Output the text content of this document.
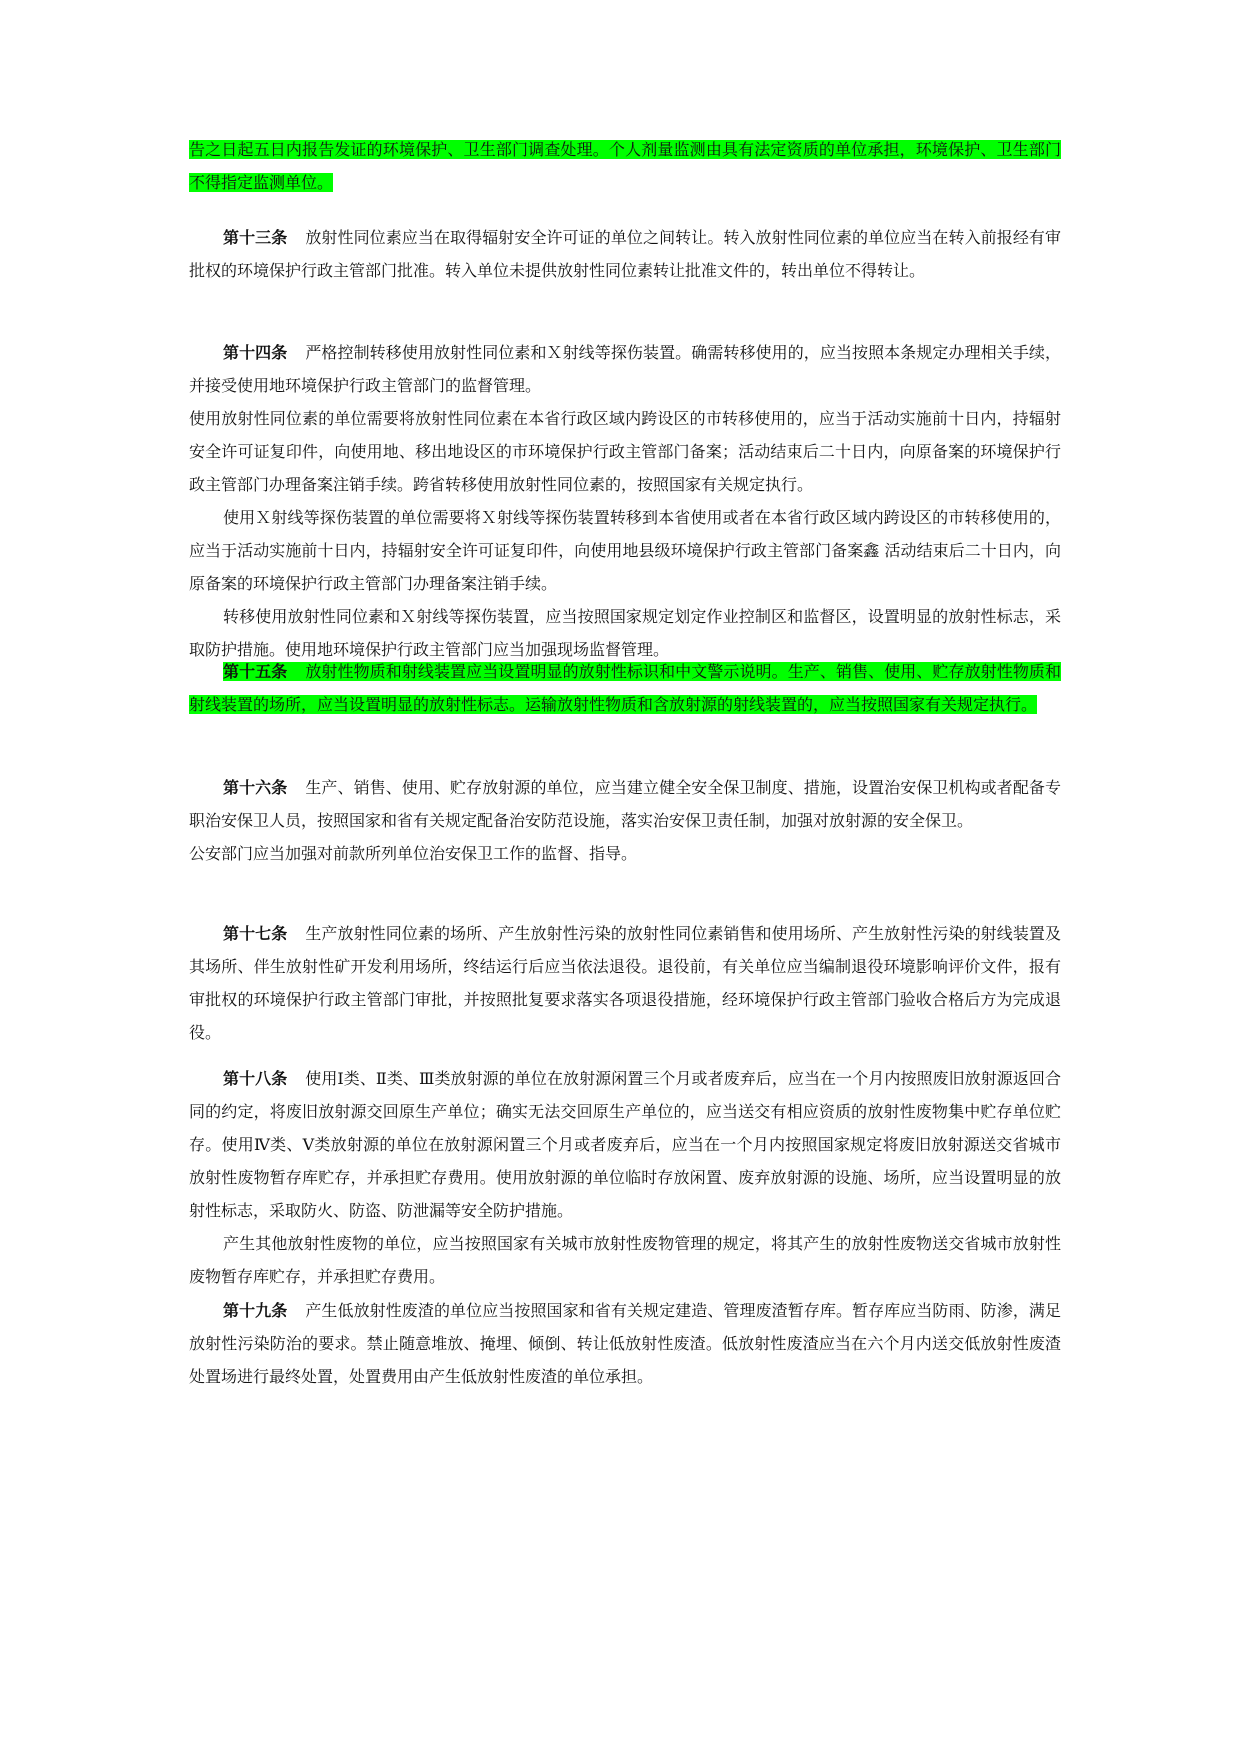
告之日起五日内报告发证的环境保护、卫生部门调查处理。个人剂量监测由具有法定资质的单位承担，环境保护、卫生部门不得指定监测单位。

第十三条 放射性同位素应当在取得辐射安全许可证的单位之间转让。转入放射性同位素的单位应当在转入前报经有审批权的环境保护行政主管部门批准。转入单位未提供放射性同位素转让批准文件的，转出单位不得转让。

第十四条 严格控制转移使用放射性同位素和Ｘ射线等探伤装置。确需转移使用的，应当按照本条规定办理相关手续，并接受使用地环境保护行政主管部门的监督管理。

使用放射性同位素的单位需要将放射性同位素在本省行政区域内跨设区的市转移使用的，应当于活动实施前十日内，持辐射安全许可证复印件，向使用地、移出地设区的市环境保护行政主管部门备案；活动结束后二十日内，向原备案的环境保护行政主管部门办理备案注销手续。跨省转移使用放射性同位素的，按照国家有关规定执行。

使用Ｘ射线等探伤装置的单位需要将Ｘ射线等探伤装置转移到本省使用或者在本省行政区域内跨设区的市转移使用的，应当于活动实施前十日内，持辐射安全许可证复印件，向使用地县级环境保护行政主管部门备案鑫 活动结束后二十日内，向原备案的环境保护行政主管部门办理备案注销手续。

转移使用放射性同位素和Ｘ射线等探伤装置，应当按照国家规定划定作业控制区和监督区，设置明显的放射性标志，采取防护措施。使用地环境保护行政主管部门应当加强现场监督管理。

第十五条 放射性物质和射线装置应当设置明显的放射性标识和中文警示说明。生产、销售、使用、贮存放射性物质和射线装置的场所，应当设置明显的放射性标志。运输放射性物质和含放射源的射线装置的，应当按照国家有关规定执行。

第十六条 生产、销售、使用、贮存放射源的单位，应当建立健全安全保卫制度、措施，设置治安保卫机构或者配备专职治安保卫人员，按照国家和省有关规定配备治安防范设施，落实治安保卫责任制，加强对放射源的安全保卫。

公安部门应当加强对前款所列单位治安保卫工作的监督、指导。

第十七条 生产放射性同位素的场所、产生放射性污染的放射性同位素销售和使用场所、产生放射性污染的射线装置及其场所、伴生放射性矿开发利用场所，终结运行后应当依法退役。退役前，有关单位应当编制退役环境影响评价文件，报有审批权的环境保护行政主管部门审批，并按照批复要求落实各项退役措施，经环境保护行政主管部门验收合格后方为完成退役。

第十八条 使用Ⅰ类、Ⅱ类、Ⅲ类放射源的单位在放射源闲置三个月或者废弃后，应当在一个月内按照废旧放射源返回合同的约定，将废旧放射源交回原生产单位；确实无法交回原生产单位的，应当送交有相应资质的放射性废物集中贮存单位贮存。使用Ⅳ类、Ⅴ类放射源的单位在放射源闲置三个月或者废弃后，应当在一个月内按照国家规定将废旧放射源送交省城市放射性废物暂存库贮存，并承担贮存费用。使用放射源的单位临时存放闲置、废弃放射源的设施、场所，应当设置明显的放射性标志，采取防火、防盗、防泄漏等安全防护措施。

产生其他放射性废物的单位，应当按照国家有关城市放射性废物管理的规定，将其产生的放射性废物送交省城市放射性废物暂存库贮存，并承担贮存费用。

第十九条 产生低放射性废渣的单位应当按照国家和省有关规定建造、管理废渣暂存库。暂存库应当防雨、防渗，满足放射性污染防治的要求。禁止随意堆放、掩埋、倾倒、转让低放射性废渣。低放射性废渣应当在六个月内送交低放射性废渣处置场进行最终处置，处置费用由产生低放射性废渣的单位承担。
